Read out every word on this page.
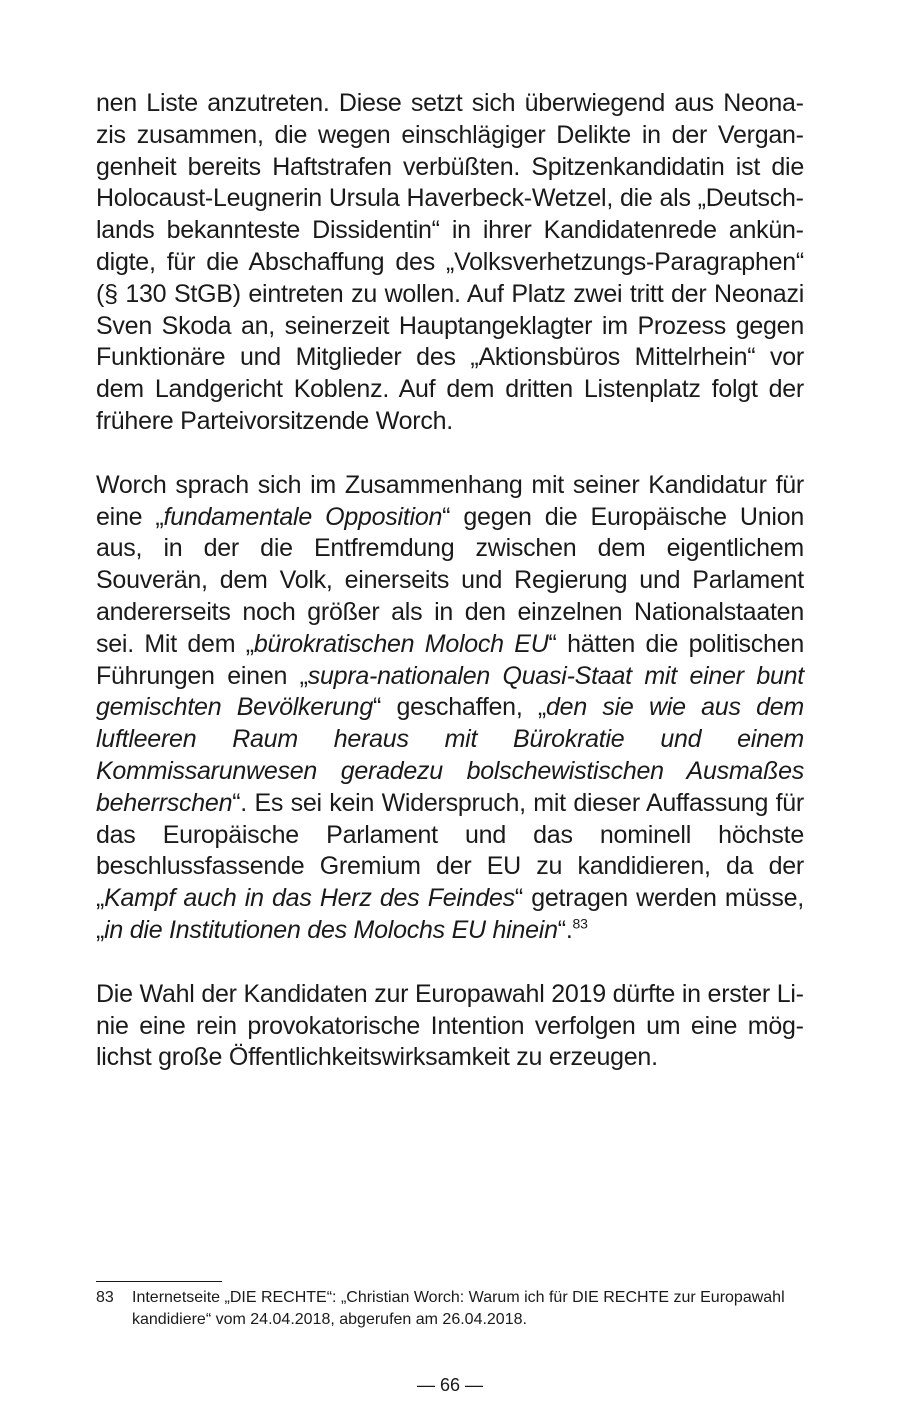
nen Liste anzutreten. Diese setzt sich überwiegend aus Neonazis zusammen, die wegen einschlägiger Delikte in der Vergangenheit bereits Haftstrafen verbüßten. Spitzenkandidatin ist die Holocaust-Leugnerin Ursula Haverbeck-Wetzel, die als „Deutschlands bekannteste Dissidentin“ in ihrer Kandidatenrede ankündigte, für die Abschaffung des „Volksverhetzungs-Paragraphen“ (§ 130 StGB) eintreten zu wollen. Auf Platz zwei tritt der Neonazi Sven Skoda an, seinerzeit Hauptangeklagter im Prozess gegen Funktionäre und Mitglieder des „Aktionsbüros Mittelrhein“ vor dem Landgericht Koblenz. Auf dem dritten Listenplatz folgt der frühere Parteivorsitzende Worch.

Worch sprach sich im Zusammenhang mit seiner Kandidatur für eine „fundamentale Opposition“ gegen die Europäische Union aus, in der die Entfremdung zwischen dem eigentlichem Souverän, dem Volk, einerseits und Regierung und Parlament andererseits noch größer als in den einzelnen Nationalstaaten sei. Mit dem „bürokratischen Moloch EU“ hätten die politischen Führungen einen „supra-nationalen Quasi-Staat mit einer bunt gemischten Bevölkerung“ geschaffen, „den sie wie aus dem luftleeren Raum heraus mit Bürokratie und einem Kommissarunwesen geradezu bolschewistischen Ausmaßes beherrschen“. Es sei kein Widerspruch, mit dieser Auffassung für das Europäische Parlament und das nominell höchste beschlussfassende Gremium der EU zu kandidieren, da der „Kampf auch in das Herz des Feindes“ getragen werden müsse, „in die Institutionen des Molochs EU hinein“.$^{83}$

Die Wahl der Kandidaten zur Europawahl 2019 dürfte in erster Linie eine rein provokatorische Intention verfolgen um eine möglichst große Öffentlichkeitswirksamkeit zu erzeugen.

83	Internetseite „DIE RECHTE“: „Christian Worch: Warum ich für DIE RECHTE zur Europawahl kandidiere“ vom 24.04.2018, abgerufen am 26.04.2018.
— 66 —
